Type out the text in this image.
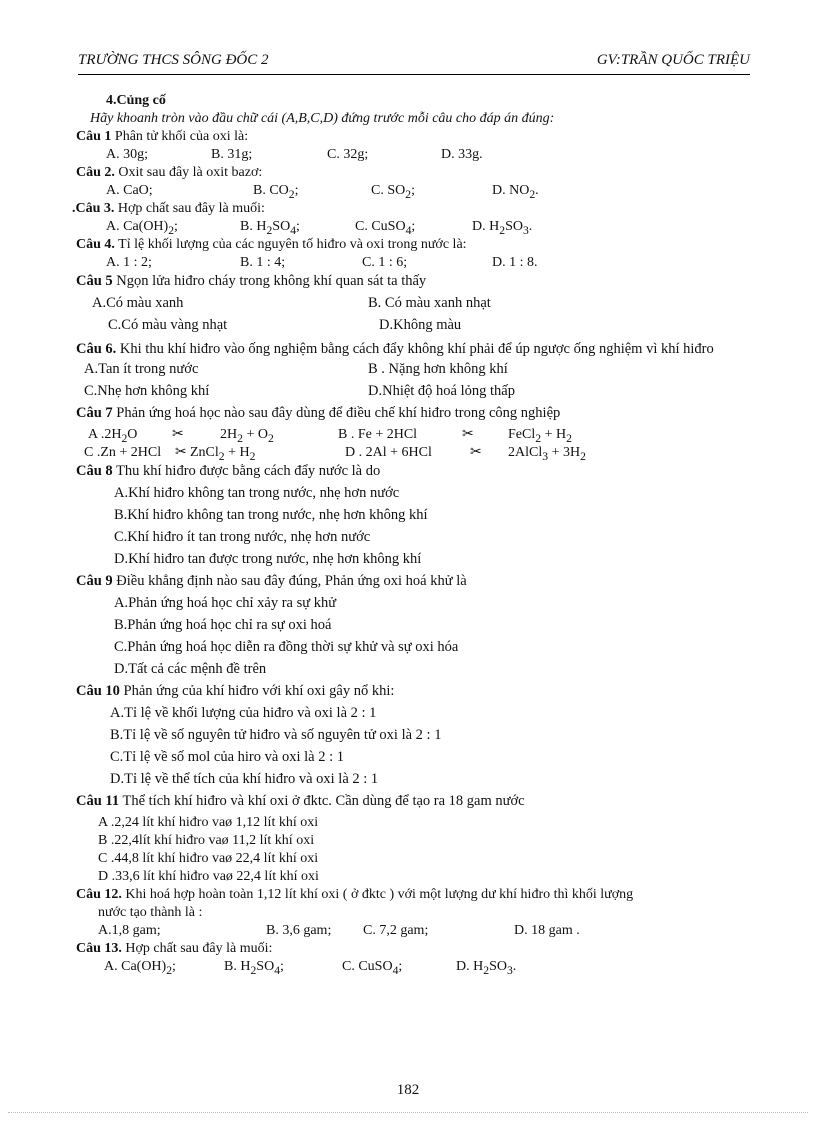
TRƯỜNG THCS SÔNG ĐỐC 2	GV:TRẦN QUỐC TRIỆU
4.Củng cố
Hãy khoanh tròn vào đầu chữ cái (A,B,C,D) đứng trước mỗi câu cho đáp án đúng:
Câu 1 Phân tử khối của oxi là:
A. 30g;	B. 31g;	C. 32g;	D. 33g.
Câu 2. Oxit sau đây là oxit bazơ:
A. CaO;	B. $CO_2$;	C. $SO_2$;	D. $NO_2$.
.Câu 3. Hợp chất sau đây là muối:
A. $Ca(OH)_2$;	B. $H_2SO_4$;	C. CuSO$_4$;	D. $H_2SO_3$.
Câu 4. Tỉ lệ khối lượng của các nguyên tố hiđro và oxi trong nước là:
A. 1 : 2;	B. 1 : 4;	C. 1 : 6;	D. 1 : 8.
Câu 5 Ngọn lửa hiđro cháy trong không khí quan sát ta thấy
A.Có màu xanh	B. Có màu xanh nhạt
C.Có màu vàng nhạt	D.Không màu
Câu 6. Khi thu khí hiđro vào ống nghiệm bằng cách đẩy không khí phải để úp ngược ống nghiệm vì khí hiđro
A.Tan ít trong nước	B . Nặng hơn không khí
C.Nhẹ hơn không khí	D.Nhiệt độ hoá lỏng thấp
Câu 7 Phản ứng hoá học nào sau đây dùng để điều chế khí hiđro trong công nghiệp
A $.2H_2O$ ✂	$2H_2 + O_2$	B . Fe + 2HCl	✂ FeCl$_2$ + $H_2$
C .Zn + 2HCl ✂ ZnCl$_2$ + $H_2$	D . 2Al + 6HCl	✂ 2AlCl$_3$ + $3H_2$
Câu 8 Thu khí hiđro được bằng cách đẩy nước là do
A.Khí hiđro không tan trong nước, nhẹ hơn nước
B.Khí hiđro không tan trong nước, nhẹ hơn không khí
C.Khí hiđro ít tan trong nước, nhẹ hơn nước
D.Khí hiđro tan được trong nước, nhẹ hơn không khí
Câu 9 Điều khẳng định nào sau đây đúng, Phản ứng oxi hoá khử là
A.Phản ứng hoá học chỉ xảy ra sự khử
B.Phản ứng hoá học chỉ ra sự oxi hoá
C.Phản ứng hoá học diễn ra đồng thời sự khử và sự oxi hóa
D.Tất cả các mệnh đề trên
Câu 10 Phản ứng của khí hiđro với khí oxi gây nổ khi:
A.Tỉ lệ về khối lượng của hiđro và oxi là 2 : 1
B.Tỉ lệ về số nguyên tử hiđro và số nguyên tử oxi là 2 : 1
C.Tỉ lệ về số mol của hiro và oxi là 2 : 1
D.Tỉ lệ về thể tích của khí hiđro và oxi là 2 : 1
Câu 11 Thể tích khí hiđro và khí oxi ở đktc. Cần dùng để tạo ra 18 gam nước
A .2,24 lít khí hiđro vaø 1,12 lít khí oxi
B .22,4lít khí hiđro vaø 11,2 lít khí oxi
C .44,8 lít khí hiđro vaø 22,4 lít khí oxi
D .33,6 lít khí hiđro vaø 22,4 lít khí oxi
Câu 12. Khi hoá hợp hoàn toàn 1,12 lít khí oxi ( ở đktc ) với một lượng dư khí hiđro thì khối lượng
nước tạo thành là :
A.1,8 gam;	B. 3,6 gam; C. 7,2 gam;	D. 18 gam .
Câu 13. Hợp chất sau đây là muối:
A. $Ca(OH)_2$;	B. $H_2SO_4$;	C. CuSO$_4$;	D. $H_2SO_3$.
182
